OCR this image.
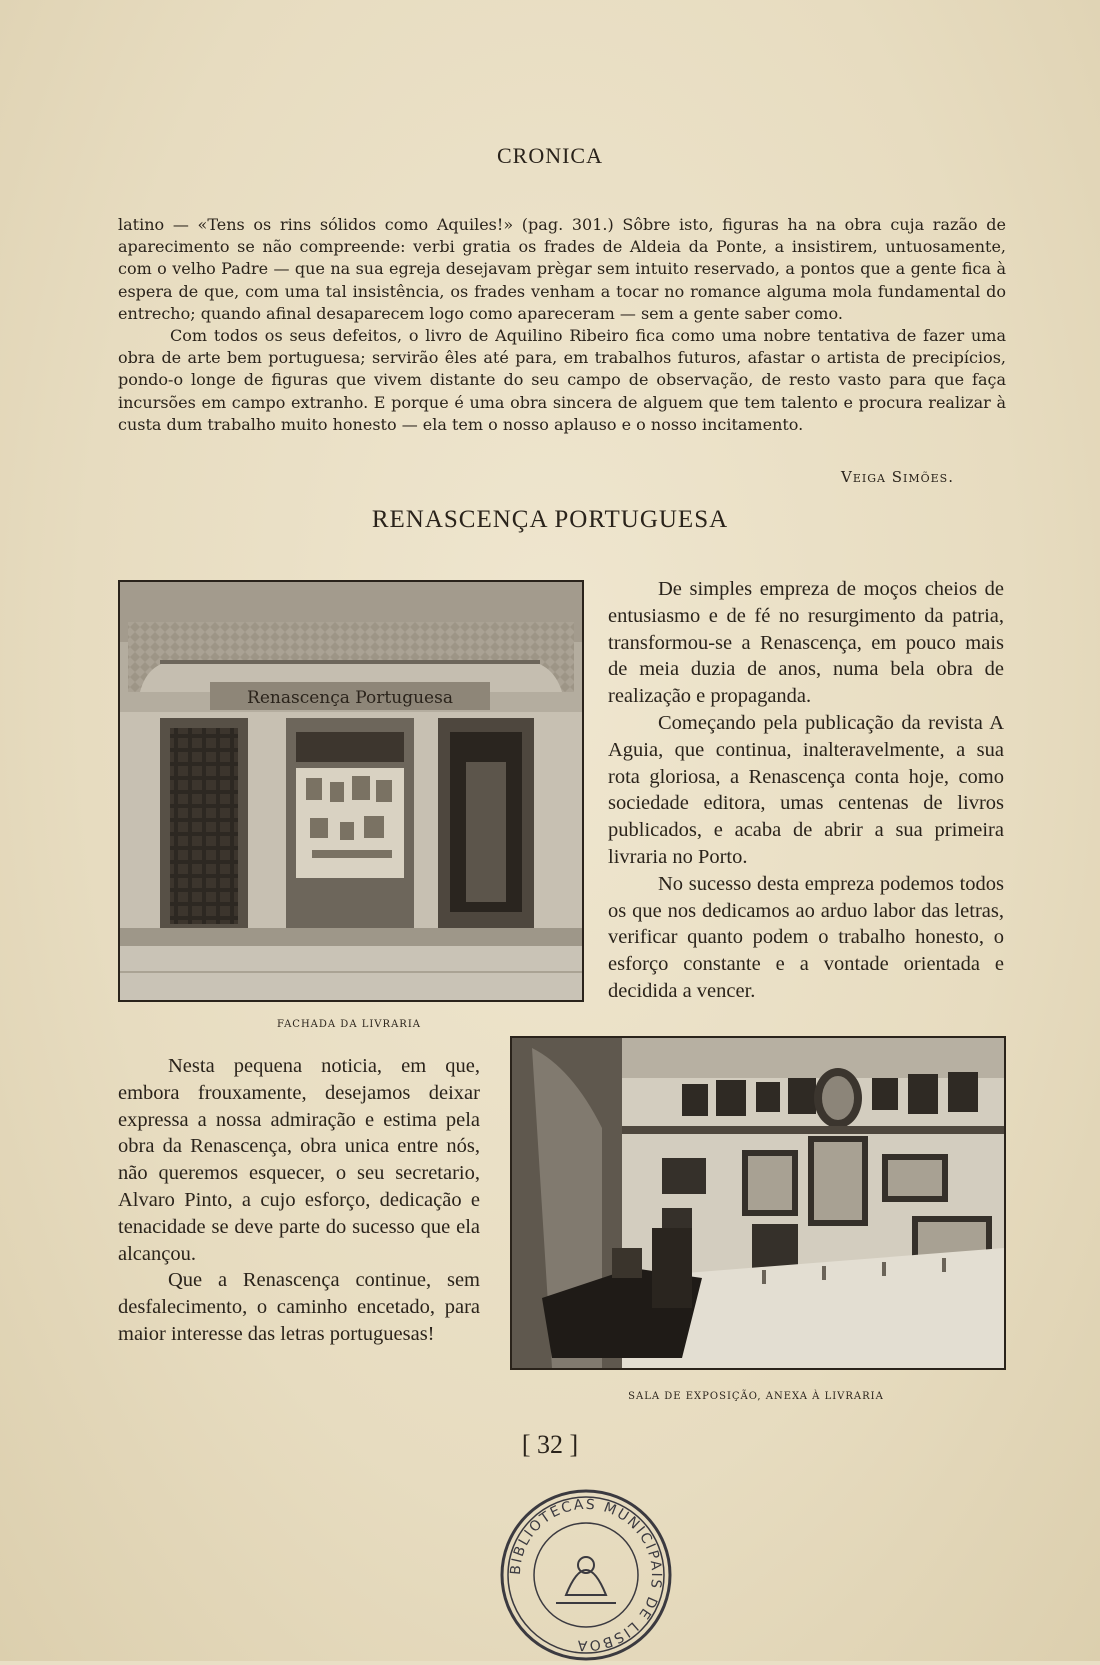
CRONICA

latino — «Tens os rins sólidos como Aquiles!» (pag. 301.) Sôbre isto, figuras ha na obra cuja razão de aparecimento se não compreende: verbi gratia os frades de Aldeia da Ponte, a insistirem, untuosamente, com o velho Padre — que na sua egreja desejavam prègar sem intuito reservado, a pontos que a gente fica à espera de que, com uma tal insistência, os frades venham a tocar no romance alguma mola fundamental do entrecho; quando afinal desaparecem logo como apareceram — sem a gente saber como.

Com todos os seus defeitos, o livro de Aquilino Ribeiro fica como uma nobre tentativa de fazer uma obra de arte bem portuguesa; servirão êles até para, em trabalhos futuros, afastar o artista de precipícios, pondo-o longe de figuras que vivem distante do seu campo de observação, de resto vasto para que faça incursões em campo extranho. E porque é uma obra sincera de alguem que tem talento e procura realizar à custa dum trabalho muito honesto — ela tem o nosso aplauso e o nosso incitamento.

Veiga Simões.
RENASCENÇA PORTUGUESA
Renascença Portuguesa
FACHADA DA LIVRARIA

De simples empreza de moços cheios de entusiasmo e de fé no resurgimento da patria, transformou-se a Renascença, em pouco mais de meia duzia de anos, numa bela obra de realização e propaganda.

Começando pela publicação da revista A Aguia, que continua, inalteravelmente, a sua rota gloriosa, a Renascença conta hoje, como sociedade editora, umas centenas de livros publicados, e acaba de abrir a sua primeira livraria no Porto.

No sucesso desta empreza podemos todos os que nos dedicamos ao arduo labor das letras, verificar quanto podem o trabalho honesto, o esforço constante e a vontade orientada e decidida a vencer.

SALA DE EXPOSIÇÃO, ANEXA À LIVRARIA

Nesta pequena noticia, em que, embora frouxamente, desejamos deixar expressa a nossa admiração e estima pela obra da Renascença, obra unica entre nós, não queremos esquecer, o seu secretario, Alvaro Pinto, a cujo esforço, dedicação e tenacidade se deve parte do sucesso que ela alcançou.

Que a Renascença continue, sem desfalecimento, o caminho encetado, para maior interesse das letras portuguesas!

[ 32 ]
BIBLIOTECAS MUNICIPAIS DE LISBOA
